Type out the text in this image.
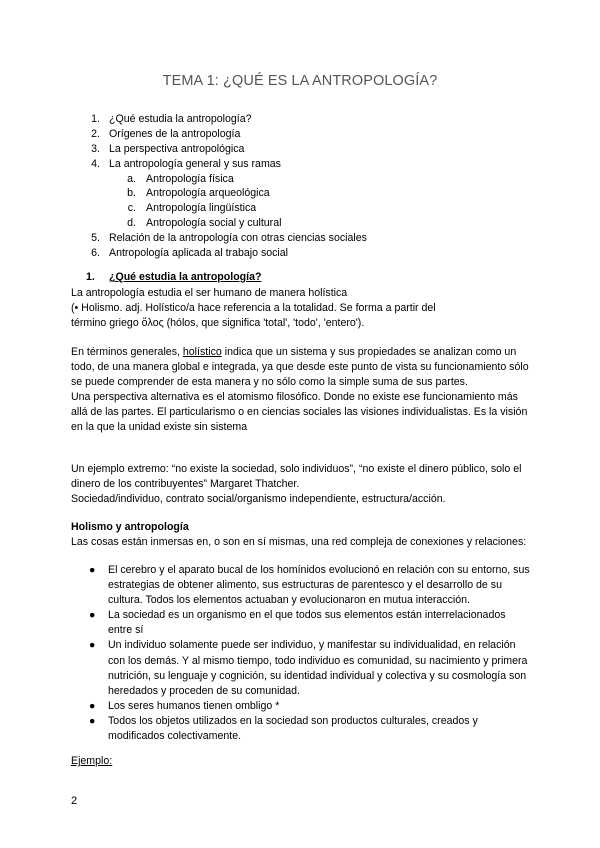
TEMA 1: ¿QUÉ ES LA ANTROPOLOGÍA?
1. ¿Qué estudia la antropología?
2. Orígenes de la antropología
3. La perspectiva antropológica
4. La antropología general y sus ramas
a. Antropología física
b. Antropología arqueológica
c. Antropología lingüística
d. Antropología social y cultural
5. Relación de la antropología con otras ciencias sociales
6. Antropología aplicada al trabajo social
1. ¿Qué estudia la antropología?

La antropología estudia el ser humano de manera holística

(• Holismo. adj. Holístico/a hace referencia a la totalidad. Se forma a partir del

término griego ὅλος (hólos, que significa 'total', 'todo', 'entero').

En términos generales, holístico indica que un sistema y sus propiedades se analizan como un todo, de una manera global e integrada, ya que desde este punto de vista su funcionamiento sólo se puede comprender de esta manera y no sólo como la simple suma de sus partes.

Una perspectiva alternativa es el atomismo filosófico. Donde no existe ese funcionamiento más allá de las partes. El particularismo o en ciencias sociales las visiones individualistas. Es la visión en la que la unidad existe sin sistema

Un ejemplo extremo: “no existe la sociedad, solo individuos”, “no existe el dinero público, solo el dinero de los contribuyentes” Margaret Thatcher.

Sociedad/individuo, contrato social/organismo independiente, estructura/acción.

Holismo y antropología

Las cosas están inmersas en, o son en sí mismas, una red compleja de conexiones y relaciones:

● El cerebro y el aparato bucal de los homínidos evolucionó en relación con su entorno, sus estrategias de obtener alimento, sus estructuras de parentesco y el desarrollo de su cultura. Todos los elementos actuaban y evolucionaron en mutua interacción.
● La sociedad es un organismo en el que todos sus elementos están interrelacionados entre sí
● Un individuo solamente puede ser individuo, y manifestar su individualidad, en relación con los demás. Y al mismo tiempo, todo individuo es comunidad, su nacimiento y primera nutrición, su lenguaje y cognición, su identidad individual y colectiva y su cosmología son heredados y proceden de su comunidad.
● Los seres humanos tienen ombligo *
● Todos los objetos utilizados en la sociedad son productos culturales, creados y modificados colectivamente.

Ejemplo:

2
